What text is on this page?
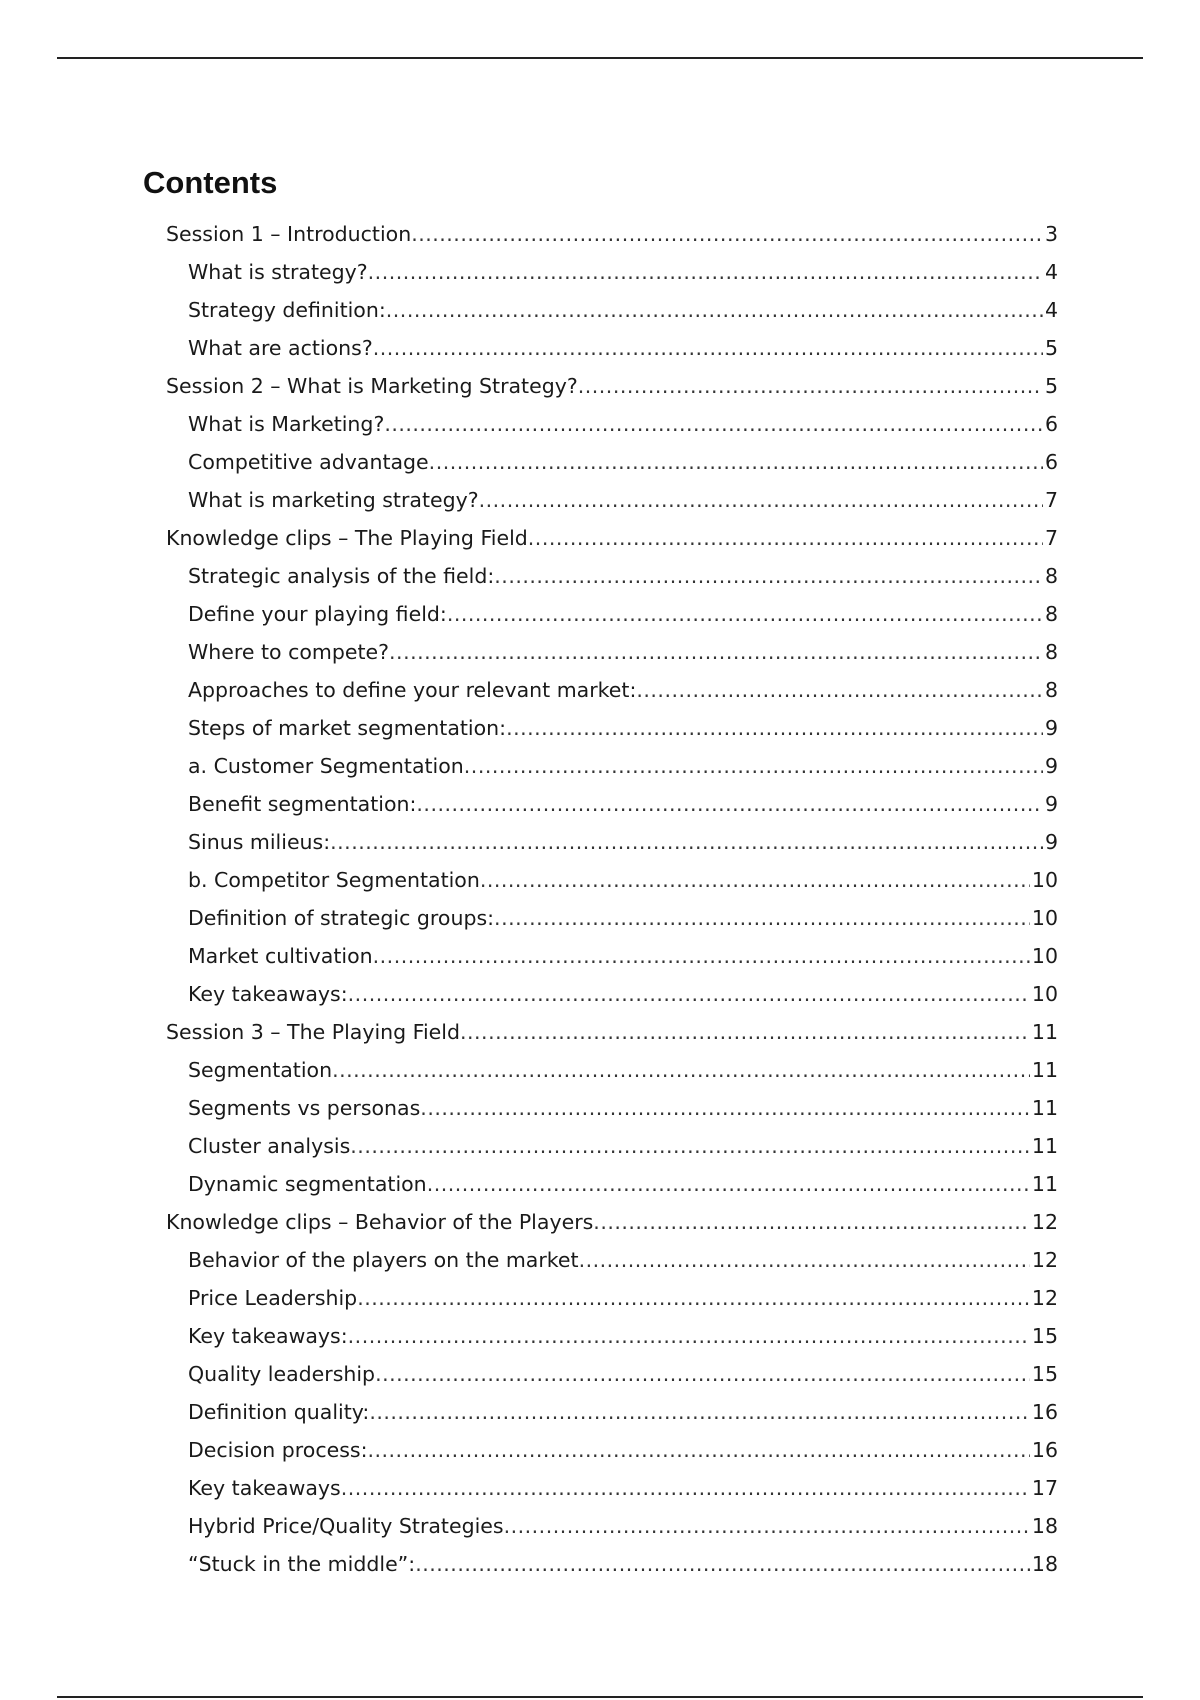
Contents
Session 1 – Introduction .....	3
What is strategy? .....	4
Strategy definition: .....	4
What are actions? .....	5
Session 2 – What is Marketing Strategy? .....	5
What is Marketing? .....	6
Competitive advantage .....	6
What is marketing strategy? .....	7
Knowledge clips – The Playing Field .....	7
Strategic analysis of the field: .....	8
Define your playing field: .....	8
Where to compete? .....	8
Approaches to define your relevant market: .....	8
Steps of market segmentation: .....	9
a. Customer Segmentation .....	9
Benefit segmentation: .....	9
Sinus milieus: .....	9
b. Competitor Segmentation .....	10
Definition of strategic groups: .....	10
Market cultivation .....	10
Key takeaways: .....	10
Session 3 – The Playing Field .....	11
Segmentation .....	11
Segments vs personas .....	11
Cluster analysis .....	11
Dynamic segmentation .....	11
Knowledge clips – Behavior of the Players .....	12
Behavior of the players on the market .....	12
Price Leadership .....	12
Key takeaways: .....	15
Quality leadership .....	15
Definition quality: .....	16
Decision process: .....	16
Key takeaways .....	17
Hybrid Price/Quality Strategies .....	18
“Stuck in the middle”: .....	18
